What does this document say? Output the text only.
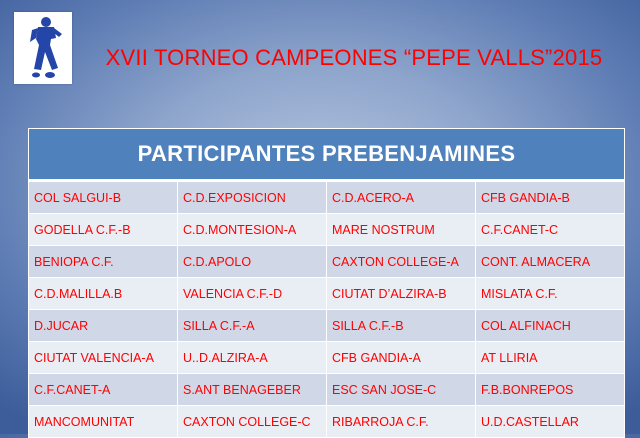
XVII TORNEO CAMPEONES “PEPE VALLS”2015
PARTICIPANTES PREBENJAMINES			
COL SALGUI-B	C.D.EXPOSICION	C.D.ACERO-A	CFB GANDIA-B
GODELLA C.F.-B	C.D.MONTESION-A	MARE NOSTRUM	C.F.CANET-C
BENIOPA C.F.	C.D.APOLO	CAXTON COLLEGE-A	CONT. ALMACERA
C.D.MALILLA.B	VALENCIA C.F.-D	CIUTAT D’ALZIRA-B	MISLATA C.F.
D.JUCAR	SILLA C.F.-A	SILLA C.F.-B	COL ALFINACH
CIUTAT VALENCIA-A	U..D.ALZIRA-A	CFB GANDIA-A	AT LLIRIA
C.F.CANET-A	S.ANT BENAGEBER	ESC SAN JOSE-C	F.B.BONREPOS
MANCOMUNITAT	CAXTON COLLEGE-C	RIBARROJA C.F.	U.D.CASTELLAR
